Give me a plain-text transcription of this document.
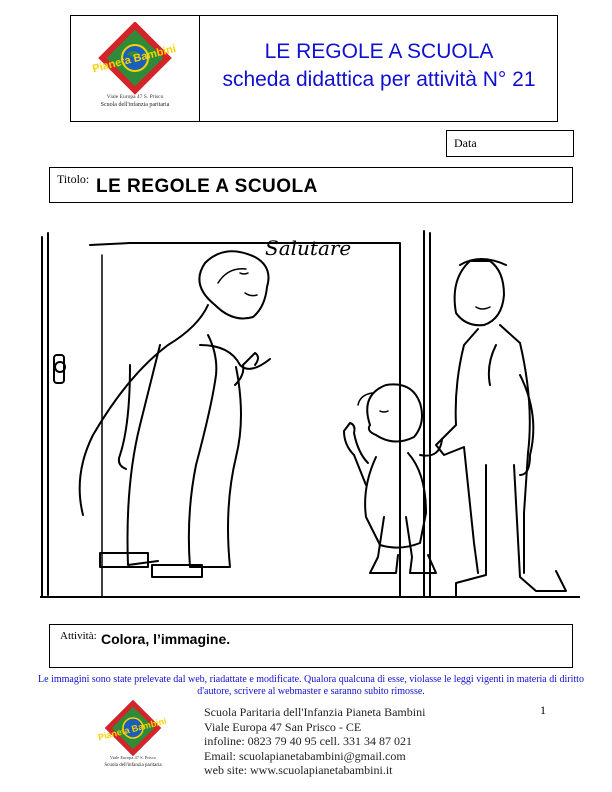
Pianeta Bambini
Viale Europa 47 S. Prisco
Scuola dell'infanzia paritaria
LE REGOLE A SCUOLA
scheda didattica per attività N° 21
Data
Titolo: LE REGOLE A SCUOLA
Salutare
Attività: Colora, l’immagine.
Le immagini sono state prelevate dal web, riadattate e modificate. Qualora qualcuna di esse, violasse le leggi vigenti in materia di diritto d'autore, scrivere al webmaster e saranno subito rimosse.
Pianeta Bambini
Viale Europa 47 S. Prisco
Scuola dell'infanzia paritaria
Scuola Paritaria dell'Infanzia Pianeta Bambini
Viale Europa 47 San Prisco - CE
infoline: 0823 79 40 95 cell. 331 34 87 021
Email: scuolapianetabambini@gmail.com
web site: www.scuolapianetabambini.it
1
